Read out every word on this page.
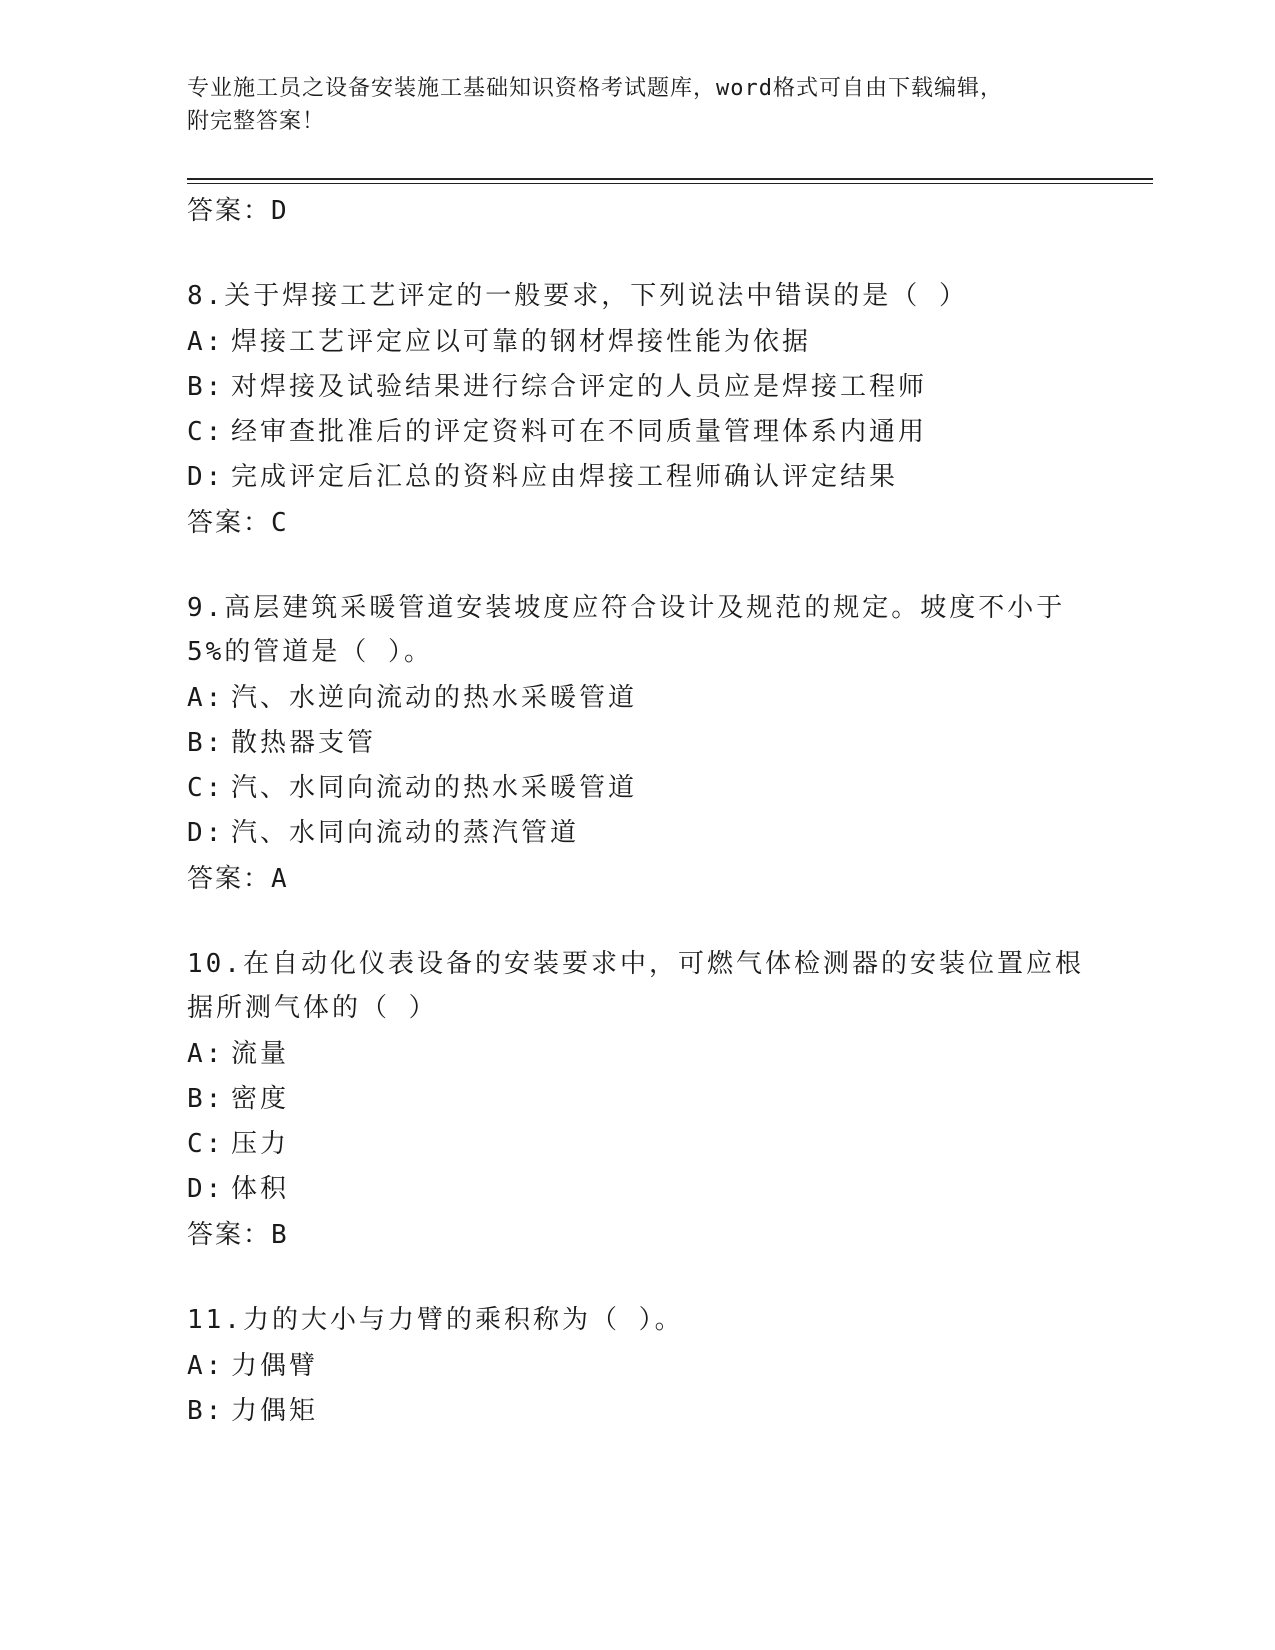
专业施工员之设备安装施工基础知识资格考试题库，word格式可自由下载编辑，
附完整答案！
答案：D
8.关于焊接工艺评定的一般要求，下列说法中错误的是（ ）
A: 焊接工艺评定应以可靠的钢材焊接性能为依据
B: 对焊接及试验结果进行综合评定的人员应是焊接工程师
C: 经审查批准后的评定资料可在不同质量管理体系内通用
D: 完成评定后汇总的资料应由焊接工程师确认评定结果
答案：C
9.高层建筑采暖管道安装坡度应符合设计及规范的规定。坡度不小于5%的管道是（ ）。
A: 汽、水逆向流动的热水采暖管道
B: 散热器支管
C: 汽、水同向流动的热水采暖管道
D: 汽、水同向流动的蒸汽管道
答案：A
10.在自动化仪表设备的安装要求中，可燃气体检测器的安装位置应根据所测气体的（ ）
A: 流量
B: 密度
C: 压力
D: 体积
答案：B
11.力的大小与力臂的乘积称为（ ）。
A: 力偶臂
B: 力偶矩
